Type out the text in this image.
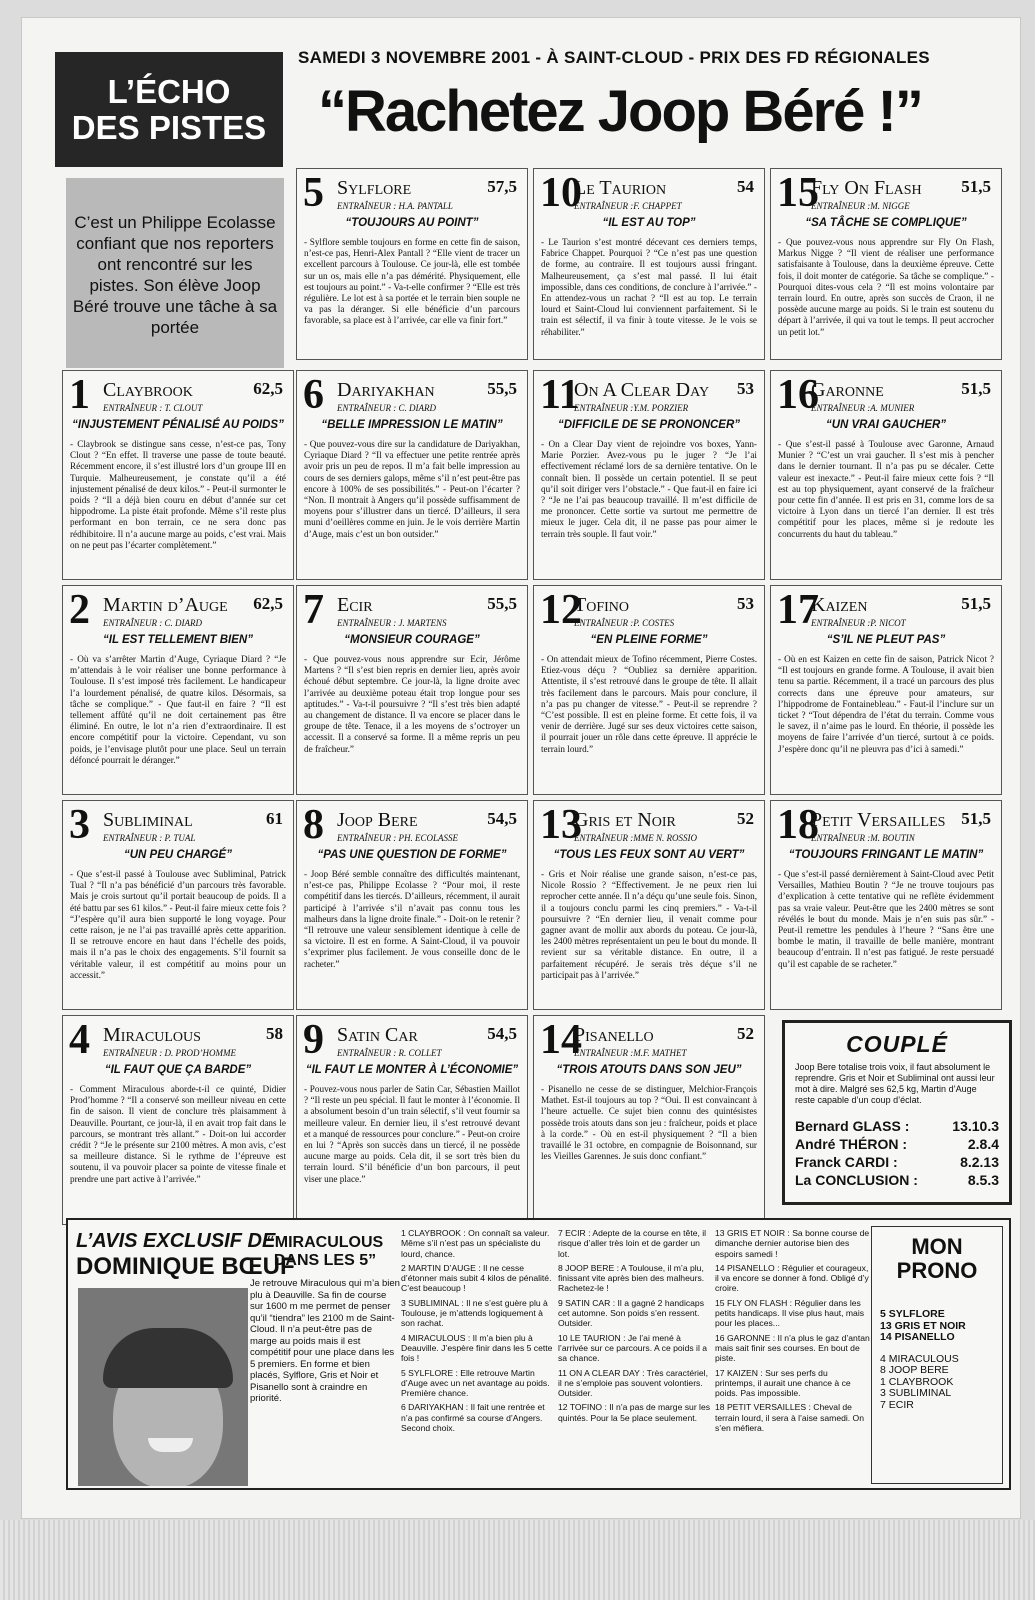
SAMEDI 3 NOVEMBRE 2001 - À SAINT-CLOUD - PRIX DES FD RÉGIONALES
“Rachetez Joop Béré !”
L’ÉCHO
DES PISTES
C’est un Philippe Ecolasse confiant que nos reporters ont rencontré sur les pistes. Son élève Joop Béré trouve une tâche à sa portée
5 Sylflore	57,5
ENTRAÎNEUR : H.A. PANTALL
“TOUJOURS AU POINT”
- Sylflore semble toujours en forme en cette fin de saison, n’est-ce pas, Henri-Alex Pantall ? “Elle vient de tracer un excellent parcours à Toulouse. Ce jour-là, elle est tombée sur un os, mais elle n’a pas démérité. Physiquement, elle est toujours au point.” - Va-t-elle confirmer ? “Elle est très régulière. Le lot est à sa portée et le terrain bien souple ne va pas la déranger. Si elle bénéficie d’un parcours favorable, sa place est à l’arrivée, car elle va finir fort.”
10
Le Taurion	54
ENTRAÎNEUR :F. CHAPPET
“IL EST AU TOP”
- Le Taurion s’est montré décevant ces derniers temps, Fabrice Chappet. Pourquoi ? “Ce n’est pas une question de forme, au contraire. Il est toujours aussi fringant. Malheureusement, ça s’est mal passé. Il lui était impossible, dans ces conditions, de conclure à l’arrivée.” - En attendez-vous un rachat ? “Il est au top. Le terrain lourd et Saint-Cloud lui conviennent parfaitement. Si le train est sélectif, il va finir à toute vitesse. Je le vois se réhabiliter.”
15
Fly On Flash 51,5
ENTRAÎNEUR :M. NIGGE
“SA TÂCHE SE COMPLIQUE”
- Que pouvez-vous nous apprendre sur Fly On Flash, Markus Nigge ? “Il vient de réaliser une performance satisfaisante à Toulouse, dans la deuxième épreuve. Cette fois, il doit monter de catégorie. Sa tâche se complique.” - Pourquoi dites-vous cela ? “Il est moins volontaire par terrain lourd. En outre, après son succès de Craon, il ne possède aucune marge au poids. Si le train est soutenu du départ à l’arrivée, il qui va tout le temps. Il peut accrocher un petit lot.”
1 Claybrook	62,5
ENTRAÎNEUR : T. CLOUT
“INJUSTEMENT PÉNALISÉ AU POIDS”
- Claybrook se distingue sans cesse, n’est-ce pas, Tony Clout ? “En effet. Il traverse une passe de toute beauté. Récemment encore, il s’est illustré lors d’un groupe III en Turquie. Malheureusement, je constate qu’il a été injustement pénalisé de deux kilos.” - Peut-il surmonter le poids ? “Il a déjà bien couru en début d’année sur cet hippodrome. La piste était profonde. Même s’il reste plus performant en bon terrain, ce ne sera donc pas rédhibitoire. Il n’a aucune marge au poids, c’est vrai. Mais on ne peut pas l’écarter complètement.”
6 Dariyakhan	55,5
ENTRAÎNEUR : C. DIARD
“BELLE IMPRESSION LE MATIN”
- Que pouvez-vous dire sur la candidature de Dariyakhan, Cyriaque Diard ? “Il va effectuer une petite rentrée après avoir pris un peu de repos. Il m’a fait belle impression au cours de ses derniers galops, même s’il n’est peut-être pas encore à 100% de ses possibilités.” - Peut-on l’écarter ? “Non. Il montrait à Angers qu’il possède suffisamment de moyens pour s’illustrer dans un tiercé. D’ailleurs, il sera muni d’oeillères comme en juin. Je le vois derrière Martin d’Auge, mais c’est un bon outsider.”
11
On A Clear Day 53
ENTRAÎNEUR :Y.M. PORZIER
“DIFFICILE DE SE PRONONCER”
- On a Clear Day vient de rejoindre vos boxes, Yann-Marie Porzier. Avez-vous pu le juger ? “Je l’ai effectivement réclamé lors de sa dernière tentative. On le connaît bien. Il possède un certain potentiel. Il se peut qu’il soit diriger vers l’obstacle.” - Que faut-il en faire ici ? “Je ne l’ai pas beaucoup travaillé. Il m’est difficile de me prononcer. Cette sortie va surtout me permettre de mieux le juger. Cela dit, il ne passe pas pour aimer le terrain très souple. Il faut voir.”
16
Garonne	51,5
ENTRAÎNEUR :A. MUNIER
“UN VRAI GAUCHER”
- Que s’est-il passé à Toulouse avec Garonne, Arnaud Munier ? “C’est un vrai gaucher. Il s’est mis à pencher dans le dernier tournant. Il n’a pas pu se décaler. Cette valeur est inexacte.” - Peut-il faire mieux cette fois ? “Il est au top physiquement, ayant conservé de la fraîcheur pour cette fin d’année. Il est pris en 31, comme lors de sa victoire à Lyon dans un tiercé l’an dernier. Il est très compétitif pour les places, même si je redoute les concurrents du haut du tableau.”
2 Martin d’Auge 62,5
ENTRAÎNEUR : C. DIARD
“IL EST TELLEMENT BIEN”
- Où va s’arrêter Martin d’Auge, Cyriaque Diard ? “Je m’attendais à le voir réaliser une bonne performance à Toulouse. Il s’est imposé très facilement. Le handicapeur l’a lourdement pénalisé, de quatre kilos. Désormais, sa tâche se complique.” - Que faut-il en faire ? “Il est tellement affûté qu’il ne doit certainement pas être éliminé. En outre, le lot n’a rien d’extraordinaire. Il est encore compétitif pour la victoire. Cependant, vu son poids, je l’envisage plutôt pour une place. Seul un terrain défoncé pourrait le déranger.”
7 Ecir	55,5
ENTRAÎNEUR : J. MARTENS
“MONSIEUR COURAGE”
- Que pouvez-vous nous apprendre sur Ecir, Jérôme Martens ? “Il s’est bien repris en dernier lieu, après avoir échoué début septembre. Ce jour-là, la ligne droite avec l’arrivée au deuxième poteau était trop longue pour ses aptitudes.” - Va-t-il poursuivre ? “Il s’est très bien adapté au changement de distance. Il va encore se placer dans le groupe de tête. Tenace, il a les moyens de s’octroyer un accessit. Il a conservé sa forme. Il a même repris un peu de fraîcheur.”
12
Tofino	53
ENTRAÎNEUR :P. COSTES
“EN PLEINE FORME”
- On attendait mieux de Tofino récemment, Pierre Costes. Etiez-vous déçu ? “Oubliez sa dernière apparition. Attentiste, il s’est retrouvé dans le groupe de tête. Il allait très facilement dans le parcours. Mais pour conclure, il n’a pas pu changer de vitesse.” - Peut-il se reprendre ? “C’est possible. Il est en pleine forme. Et cette fois, il va venir de derrière. Jugé sur ses deux victoires cette saison, il pourrait jouer un rôle dans cette épreuve. Il apprécie le terrain lourd.”
17
Kaizen	51,5
ENTRAÎNEUR :P. NICOT
“S’IL NE PLEUT PAS”
- Où en est Kaizen en cette fin de saison, Patrick Nicot ? “Il est toujours en grande forme. A Toulouse, il avait bien tenu sa partie. Récemment, il a tracé un parcours des plus corrects dans une épreuve pour amateurs, sur l’hippodrome de Fontainebleau.” - Faut-il l’inclure sur un ticket ? “Tout dépendra de l’état du terrain. Comme vous le savez, il n’aime pas le lourd. En théorie, il possède les moyens de faire l’arrivée d’un tiercé, surtout à ce poids. J’espère donc qu’il ne pleuvra pas d’ici à samedi.”
3 Subliminal	61
ENTRAÎNEUR : P. TUAL
“UN PEU CHARGÉ”
- Que s’est-il passé à Toulouse avec Subliminal, Patrick Tual ? “Il n’a pas bénéficié d’un parcours très favorable. Mais je crois surtout qu’il portait beaucoup de poids. Il a été battu par ses 61 kilos.” - Peut-il faire mieux cette fois ? “J’espère qu’il aura bien supporté le long voyage. Pour cette raison, je ne l’ai pas travaillé après cette apparition. Il se retrouve encore en haut dans l’échelle des poids, mais il n’a pas le choix des engagements. S’il fournit sa véritable valeur, il est compétitif au moins pour un accessit.”
8 Joop Bere	54,5
ENTRAÎNEUR : PH. ECOLASSE
“PAS UNE QUESTION DE FORME”
- Joop Béré semble connaître des difficultés maintenant, n’est-ce pas, Philippe Ecolasse ? “Pour moi, il reste compétitif dans les tiercés. D’ailleurs, récemment, il aurait participé à l’arrivée s’il n’avait pas connu tous les malheurs dans la ligne droite finale.” - Doit-on le retenir ? “Il retrouve une valeur sensiblement identique à celle de sa victoire. Il est en forme. A Saint-Cloud, il va pouvoir s’exprimer plus facilement. Je vous conseille donc de le racheter.”
13
Gris et Noir	52
ENTRAÎNEUR :MME N. ROSSIO
“TOUS LES FEUX SONT AU VERT”
- Gris et Noir réalise une grande saison, n’est-ce pas, Nicole Rossio ? “Effectivement. Je ne peux rien lui reprocher cette année. Il n’a déçu qu’une seule fois. Sinon, il a toujours conclu parmi les cinq premiers.” - Va-t-il poursuivre ? “En dernier lieu, il venait comme pour gagner avant de mollir aux abords du poteau. Ce jour-là, les 2400 mètres représentaient un peu le bout du monde. Il revient sur sa véritable distance. En outre, il a parfaitement récupéré. Je serais très déçue s’il ne participait pas à l’arrivée.”
18
Petit Versailles 51,5
ENTRAÎNEUR :M. BOUTIN
“TOUJOURS FRINGANT LE MATIN”
- Que s’est-il passé dernièrement à Saint-Cloud avec Petit Versailles, Mathieu Boutin ? “Je ne trouve toujours pas d’explication à cette tentative qui ne reflète évidemment pas sa vraie valeur. Peut-être que les 2400 mètres se sont révélés le bout du monde. Mais je n’en suis pas sûr.” - Peut-il remettre les pendules à l’heure ? “Sans être une bombe le matin, il travaille de belle manière, montrant beaucoup d’entrain. Il n’est pas fatigué. Je reste persuadé qu’il est capable de se racheter.”
4 Miraculous	58
ENTRAÎNEUR : D. PROD’HOMME
“IL FAUT QUE ÇA BARDE”
- Comment Miraculous aborde-t-il ce quinté, Didier Prod’homme ? “Il a conservé son meilleur niveau en cette fin de saison. Il vient de conclure très plaisamment à Deauville. Pourtant, ce jour-là, il en avait trop fait dans le parcours, se montrant très allant.” - Doit-on lui accorder crédit ? “Je le présente sur 2100 mètres. A mon avis, c’est sa meilleure distance. Si le rythme de l’épreuve est soutenu, il va pouvoir placer sa pointe de vitesse finale et prendre une part active à l’arrivée.”
9 Satin Car	54,5
ENTRAÎNEUR : R. COLLET
“IL FAUT LE MONTER À L’ÉCONOMIE”
- Pouvez-vous nous parler de Satin Car, Sébastien Maillot ? “Il reste un peu spécial. Il faut le monter à l’économie. Il a absolument besoin d’un train sélectif, s’il veut fournir sa meilleure valeur. En dernier lieu, il s’est retrouvé devant et a manqué de ressources pour conclure.” - Peut-on croire en lui ? “Après son succès dans un tiercé, il ne possède aucune marge au poids. Cela dit, il se sort très bien du terrain lourd. S’il bénéficie d’un bon parcours, il peut viser une place.”
14
Pisanello	52
ENTRAÎNEUR :M.F. MATHET
“TROIS ATOUTS DANS SON JEU”
- Pisanello ne cesse de se distinguer, Melchior-François Mathet. Est-il toujours au top ? “Oui. Il est convaincant à l’heure actuelle. Ce sujet bien connu des quintésistes possède trois atouts dans son jeu : fraîcheur, poids et place à la corde.” - Où en est-il physiquement ? “Il a bien travaillé le 31 octobre, en compagnie de Boisonnand, sur les Vieilles Garennes. Je suis donc confiant.”
COUPLÉ
Joop Bere totalise trois voix, il faut absolument le reprendre. Gris et Noir et Subliminal ont aussi leur mot à dire. Malgré ses 62,5 kg, Martin d’Auge reste capable d’un coup d’éclat.
Bernard GLASS :	13.10.3
André THÉRON :	2.8.4
Franck CARDI :	8.2.13
La CONCLUSION :	8.5.3
L’AVIS EXCLUSIF DE
DOMINIQUE BŒUF
“MIRACULOUS DANS LES 5”
Je retrouve Miraculous qui m’a bien plu à Deauville. Sa fin de course sur 1600 m me permet de penser qu’il “tiendra” les 2100 m de Saint-Cloud. Il n’a peut-être pas de marge au poids mais il est compétitif pour une place dans les 5 premiers. En forme et bien placés, Sylflore, Gris et Noir et Pisanello sont à craindre en priorité.

1 CLAYBROOK : On connaît sa valeur. Même s’il n’est pas un spécialiste du lourd, chance.

2 MARTIN D’AUGE : Il ne cesse d’étonner mais subit 4 kilos de pénalité. C’est beaucoup !

3 SUBLIMINAL : Il ne s’est guère plu à Toulouse, je m’attends logiquement à son rachat.

4 MIRACULOUS : Il m’a bien plu à Deauville. J’espère finir dans les 5 cette fois !

5 SYLFLORE : Elle retrouve Martin d’Auge avec un net avantage au poids. Première chance.

6 DARIYAKHAN : Il fait une rentrée et n’a pas confirmé sa course d’Angers. Second choix.

7 ECIR : Adepte de la course en tête, il risque d’aller très loin et de garder un lot.

8 JOOP BERE : A Toulouse, il m’a plu, finissant vite après bien des malheurs. Rachetez-le !

9 SATIN CAR : Il a gagné 2 handicaps cet automne. Son poids s’en ressent. Outsider.

10 LE TAURION : Je l’ai mené à l’arrivée sur ce parcours. A ce poids il a sa chance.

11 ON A CLEAR DAY : Très caractériel, il ne s’emploie pas souvent volontiers. Outsider.

12 TOFINO : Il n’a pas de marge sur les quintés. Pour la 5e place seulement.

13 GRIS ET NOIR : Sa bonne course de dimanche dernier autorise bien des espoirs samedi !

14 PISANELLO : Régulier et courageux, il va encore se donner à fond. Obligé d’y croire.

15 FLY ON FLASH : Régulier dans les petits handicaps. Il vise plus haut, mais pour les places...

16 GARONNE : Il n’a plus le gaz d’antan mais sait finir ses courses. En bout de piste.

17 KAIZEN : Sur ses perfs du printemps, il aurait une chance à ce poids. Pas impossible.

18 PETIT VERSAILLES : Cheval de terrain lourd, il sera à l’aise samedi. On s’en méfiera.

MON
PRONO
5 SYLFLORE
13 GRIS ET NOIR
14 PISANELLO
4 MIRACULOUS
8 JOOP BERE
1 CLAYBROOK
3 SUBLIMINAL
7 ECIR
